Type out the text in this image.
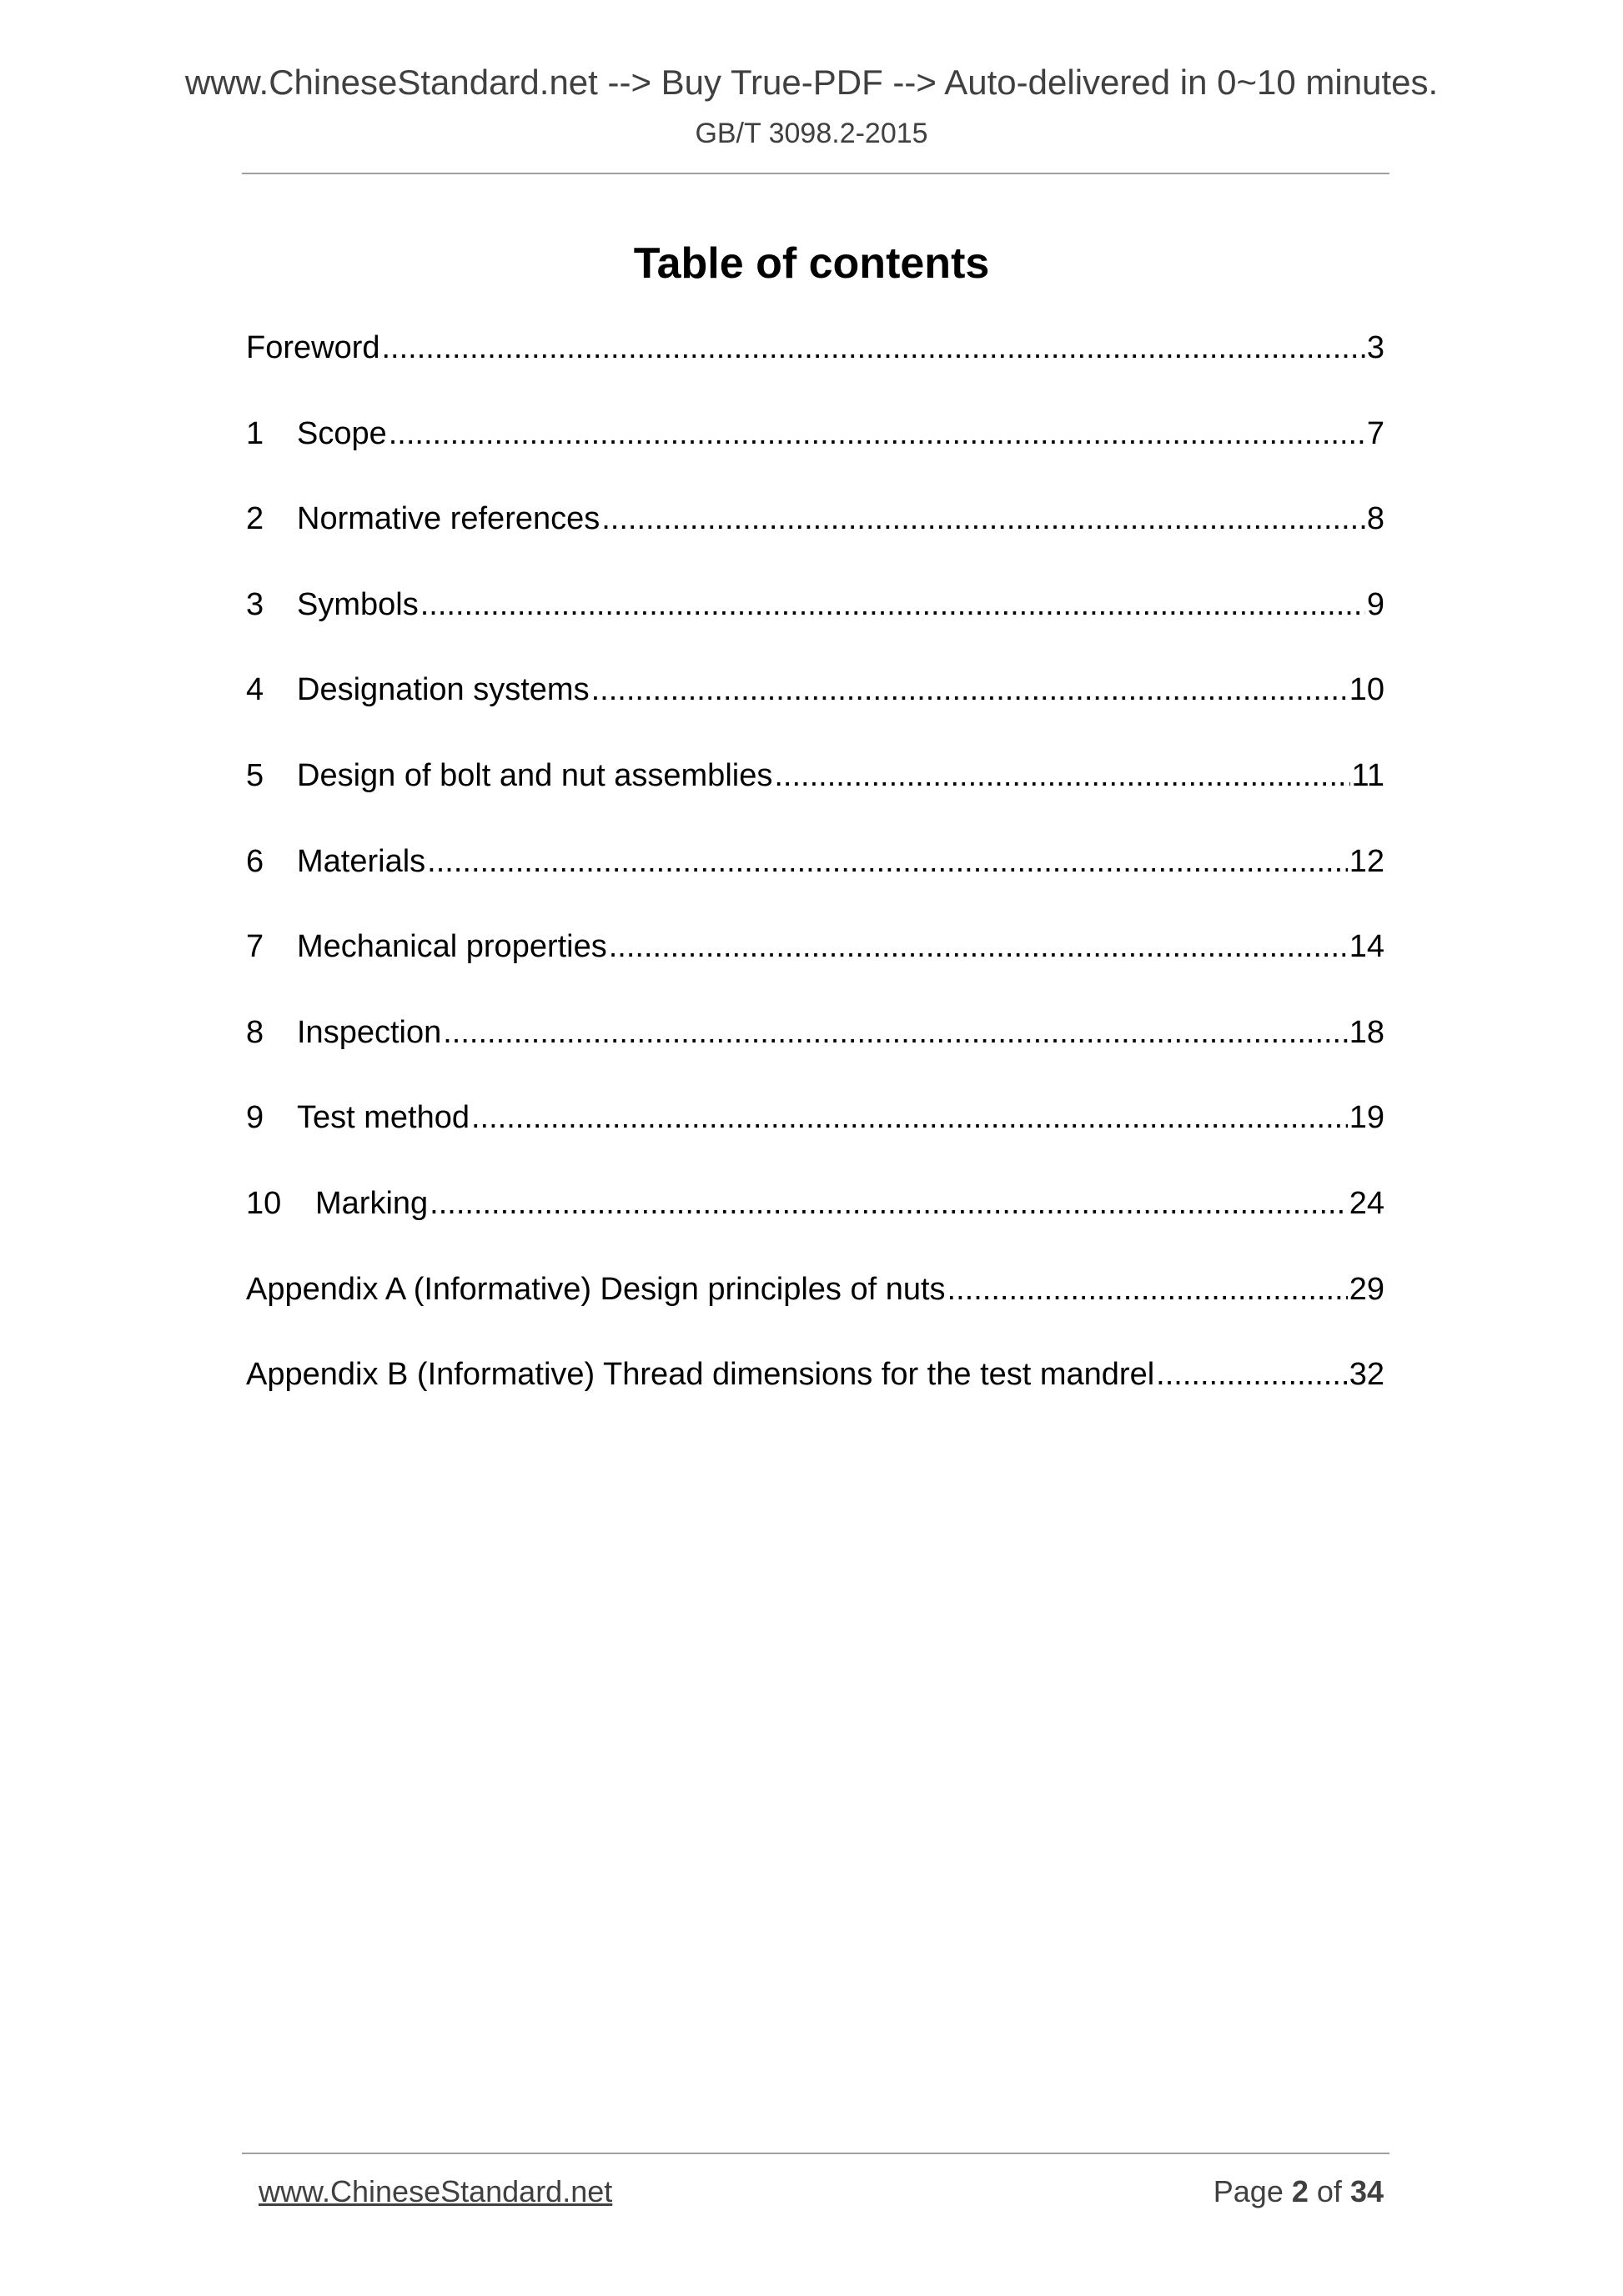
www.ChineseStandard.net --> Buy True-PDF --> Auto-delivered in 0~10 minutes.
GB/T 3098.2-2015
Table of contents
Foreword .....	3
1	Scope .....	7
2	Normative references .....	8
3	Symbols .....	9
4	Designation systems .....	10
5	Design of bolt and nut assemblies .....	11
6	Materials .....	12
7	Mechanical properties .....	14
8	Inspection .....	18
9	Test method .....	19
10	Marking .....	24
Appendix A (Informative) Design principles of nuts .....	29
Appendix B (Informative) Thread dimensions for the test mandrel .....	32
www.ChineseStandard.net	Page 2 of 34
